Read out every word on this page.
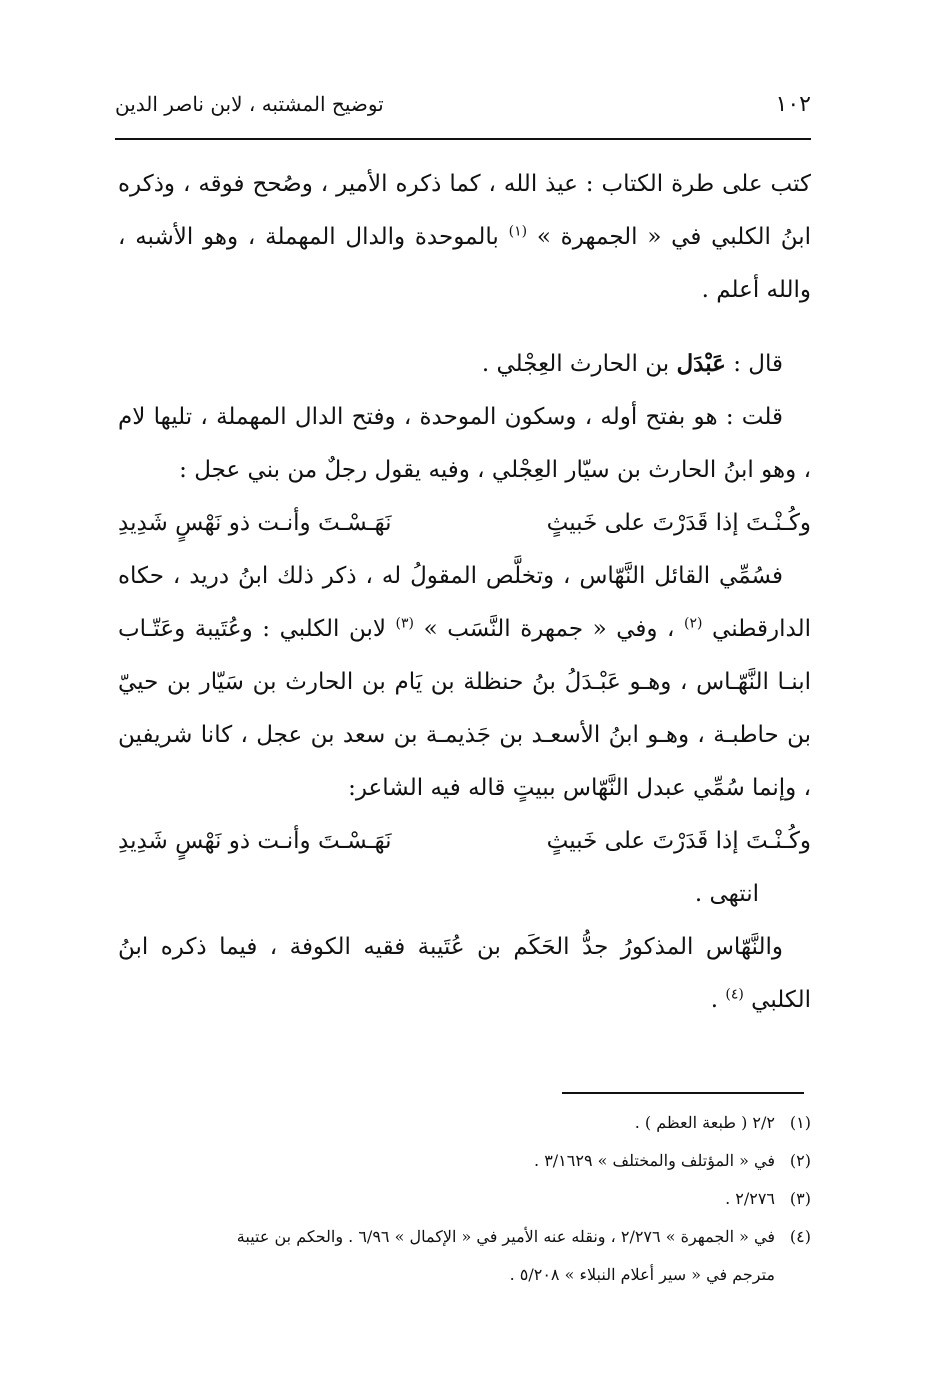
١٠٢
توضيح المشتبه ، لابن ناصر الدين

كتب على طرة الكتاب : عيذ الله ، كما ذكره الأمير ، وصُحح فوقه ، وذكره ابنُ الكلبي في « الجمهرة » $^{(١)}$ بالموحدة والدال المهملة ، وهو الأشبه ، والله أعلم .

قال : عَبْدَل بن الحارث العِجْلي .

قلت : هو بفتح أوله ، وسكون الموحدة ، وفتح الدال المهملة ، تليها لام ، وهو ابنُ الحارث بن سيّار العِجْلي ، وفيه يقول رجلٌ من بني عجل :

وكُـنْـتَ إذا قَدَرْتَ على خَبيثٍ
نَهَـسْـتَ وأنـت ذو نَهْسٍ شَدِيدِ

فسُمِّي القائل النَّهّاس ، وتخلَّص المقولُ له ، ذكر ذلك ابنُ دريد ، حكاه الدارقطني $^{(٢)}$ ، وفي « جمهرة النَّسَب » $^{(٣)}$ لابن الكلبي : وعُتَيبة وعَتّـاب ابنـا النَّهّـاس ، وهـو عَبْـدَلُ بنُ حنظلة بن يَام بن الحارث بن سَيّار بن حييّ بن حاطبـة ، وهـو ابنُ الأسعـد بن جَذيمـة بن سعد بن عجل ، كانا شريفين ، وإنما سُمِّي عبدل النَّهّاس ببيتٍ قاله فيه الشاعر:

وكُـنْـتَ إذا قَدَرْتَ على خَبيثٍ
نَهَـسْـتَ وأنـت ذو نَهْسٍ شَدِيدِ

انتهى .

والنَّهّاس المذكورُ جدُّ الحَكَم بن عُتَيبة فقيه الكوفة ، فيما ذكره ابنُ الكلبي $^{(٤)}$ .

(١)
٢/٢ ( طبعة العظم ) .
(٢)
في « المؤتلف والمختلف » ٣/١٦٢٩ .
(٣)
٢/٢٧٦ .
(٤)
في « الجمهرة » ٢/٢٧٦ ، ونقله عنه الأمير في « الإكمال » ٦/٩٦ . والحكم بن عتيبة
مترجم في « سير أعلام النبلاء » ٥/٢٠٨ .
